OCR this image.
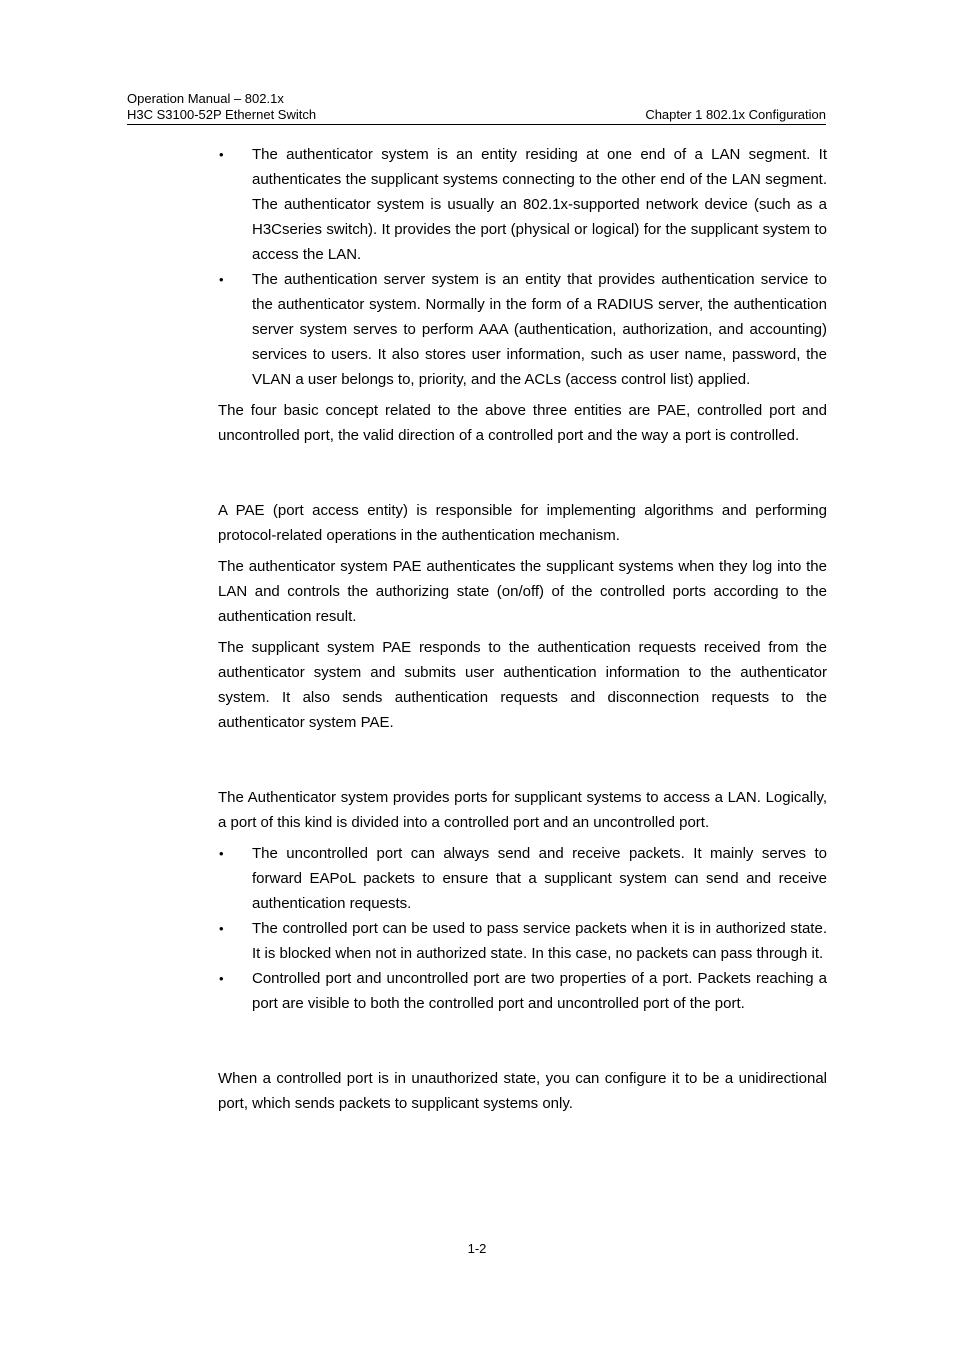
Operation Manual – 802.1x
H3C S3100-52P Ethernet Switch	Chapter 1 802.1x Configuration
• The authenticator system is an entity residing at one end of a LAN segment. It authenticates the supplicant systems connecting to the other end of the LAN segment. The authenticator system is usually an 802.1x-supported network device (such as a H3Cseries switch). It provides the port (physical or logical) for the supplicant system to access the LAN.
• The authentication server system is an entity that provides authentication service to the authenticator system. Normally in the form of a RADIUS server, the authentication server system serves to perform AAA (authentication, authorization, and accounting) services to users. It also stores user information, such as user name, password, the VLAN a user belongs to, priority, and the ACLs (access control list) applied.

The four basic concept related to the above three entities are PAE, controlled port and uncontrolled port, the valid direction of a controlled port and the way a port is controlled.

A PAE (port access entity) is responsible for implementing algorithms and performing protocol-related operations in the authentication mechanism.

The authenticator system PAE authenticates the supplicant systems when they log into the LAN and controls the authorizing state (on/off) of the controlled ports according to the authentication result.

The supplicant system PAE responds to the authentication requests received from the authenticator system and submits user authentication information to the authenticator system. It also sends authentication requests and disconnection requests to the authenticator system PAE.

The Authenticator system provides ports for supplicant systems to access a LAN. Logically, a port of this kind is divided into a controlled port and an uncontrolled port.

• The uncontrolled port can always send and receive packets. It mainly serves to forward EAPoL packets to ensure that a supplicant system can send and receive authentication requests.
• The controlled port can be used to pass service packets when it is in authorized state. It is blocked when not in authorized state. In this case, no packets can pass through it.
• Controlled port and uncontrolled port are two properties of a port. Packets reaching a port are visible to both the controlled port and uncontrolled port of the port.

When a controlled port is in unauthorized state, you can configure it to be a unidirectional port, which sends packets to supplicant systems only.

1-2
